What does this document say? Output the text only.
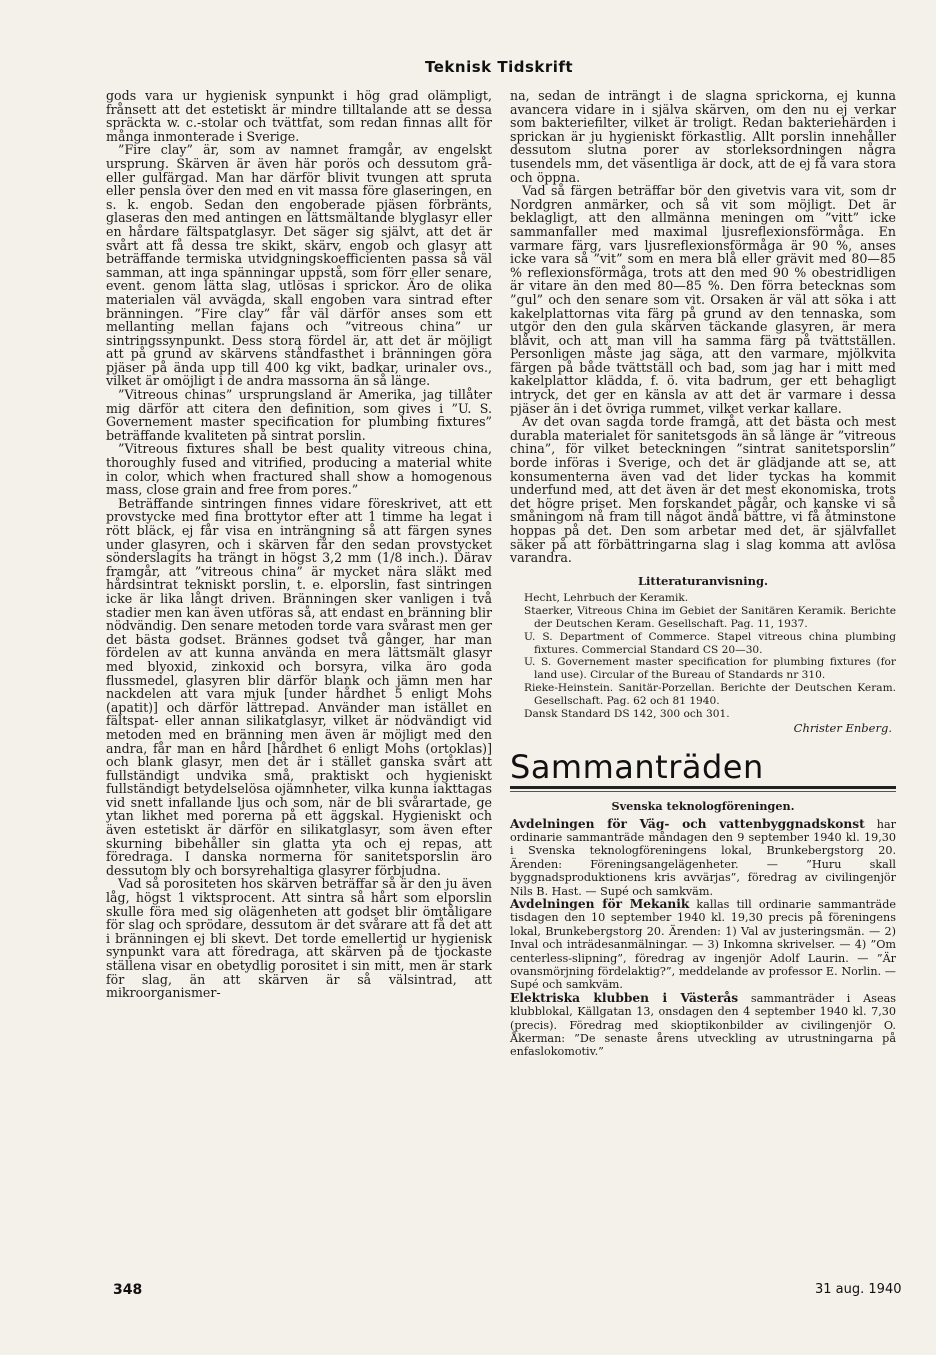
Teknisk Tidskrift

gods vara ur hygienisk synpunkt i hög grad olämpligt, frånsett att det estetiskt är mindre tilltalande att se dessa spräckta w. c.-stolar och tvättfat, som redan finnas allt för många inmonterade i Sverige.

”Fire clay” är, som av namnet framgår, av engelskt ursprung. Skärven är även här porös och dessutom grå- eller gulfärgad. Man har därför blivit tvungen att spruta eller pensla över den med en vit massa före glaseringen, en s. k. engob. Sedan den engoberade pjäsen förbränts, glaseras den med antingen en lättsmältande blyglasyr eller en hårdare fältspatglasyr. Det säger sig självt, att det är svårt att få dessa tre skikt, skärv, engob och glasyr att beträffande termiska utvidgningskoefficienten passa så väl samman, att inga spänningar uppstå, som förr eller senare, event. genom lätta slag, utlösas i sprickor. Äro de olika materialen väl avvägda, skall engoben vara sintrad efter bränningen. ”Fire clay” får väl därför anses som ett mellanting mellan fajans och ”vitreous china” ur sintringssynpunkt. Dess stora fördel är, att det är möjligt att på grund av skärvens ståndfasthet i bränningen göra pjäser på ända upp till 400 kg vikt, badkar, urinaler ovs., vilket är omöjligt i de andra massorna än så länge.

”Vitreous chinas” ursprungsland är Amerika, jag tillåter mig därför att citera den definition, som gives i ”U. S. Governement master specification for plumbing fixtures” beträffande kvaliteten på sintrat porslin.

”Vitreous fixtures shall be best quality vitreous china, thoroughly fused and vitrified, producing a material white in color, which when fractured shall show a homogenous mass, close grain and free from pores.”

Beträffande sintringen finnes vidare föreskrivet, att ett provstycke med fina brottytor efter att 1 timme ha legat i rött bläck, ej får visa en inträngning så att färgen synes under glasyren, och i skärven får den sedan provstycket sönderslagits ha trängt in högst 3,2 mm (1/8 inch.). Därav framgår, att ”vitreous china” är mycket nära släkt med hårdsintrat tekniskt porslin, t. e. elporslin, fast sintringen icke är lika långt driven. Bränningen sker vanligen i två stadier men kan även utföras så, att endast en bränning blir nödvändig. Den senare metoden torde vara svårast men ger det bästa godset. Brännes godset två gånger, har man fördelen av att kunna använda en mera lättsmält glasyr med blyoxid, zinkoxid och borsyra, vilka äro goda flussmedel, glasyren blir därför blank och jämn men har nackdelen att vara mjuk [under hårdhet 5 enligt Mohs (apatit)] och därför lättrepad. Använder man istället en fältspat- eller annan silikatglasyr, vilket är nödvändigt vid metoden med en bränning men även är möjligt med den andra, får man en hård [hårdhet 6 enligt Mohs (ortoklas)] och blank glasyr, men det är i stället ganska svårt att fullständigt undvika små, praktiskt och hygieniskt fullständigt betydelselösa ojämnheter, vilka kunna iakttagas vid snett infallande ljus och som, när de bli svårartade, ge ytan likhet med porerna på ett äggskal. Hygieniskt och även estetiskt är därför en silikatglasyr, som även efter skurning bibehåller sin glatta yta och ej repas, att föredraga. I danska normerna för sanitetsporslin äro dessutom bly och borsyrehaltiga glasyrer förbjudna.

Vad så porositeten hos skärven beträffar så är den ju även låg, högst 1 viktsprocent. Att sintra så hårt som elporslin skulle föra med sig olägenheten att godset blir ömtåligare för slag och sprödare, dessutom är det svårare att få det att i bränningen ej bli skevt. Det torde emellertid ur hygienisk synpunkt vara att föredraga, att skärven på de tjockaste ställena visar en obetydlig porositet i sin mitt, men är stark för slag, än att skärven är så välsintrad, att mikroorganismer-

na, sedan de inträngt i de slagna sprickorna, ej kunna avancera vidare in i själva skärven, om den nu ej verkar som bakteriefilter, vilket är troligt. Redan bakteriehärden i sprickan är ju hygieniskt förkastlig. Allt porslin innehåller dessutom slutna porer av storleksordningen några tusendels mm, det väsentliga är dock, att de ej få vara stora och öppna.

Vad så färgen beträffar bör den givetvis vara vit, som dr Nordgren anmärker, och så vit som möjligt. Det är beklagligt, att den allmänna meningen om ”vitt” icke sammanfaller med maximal ljusreflexionsförmåga. En varmare färg, vars ljusreflexionsförmåga är 90 %, anses icke vara så ”vit” som en mera blå eller grävit med 80—85 % reflexionsförmåga, trots att den med 90 % obestridligen är vitare än den med 80—85 %. Den förra betecknas som ”gul” och den senare som vit. Orsaken är väl att söka i att kakelplattornas vita färg på grund av den tennaska, som utgör den den gula skärven täckande glasyren, är mera blåvit, och att man vill ha samma färg på tvättställen. Personligen måste jag säga, att den varmare, mjölkvita färgen på både tvättställ och bad, som jag har i mitt med kakelplattor klädda, f. ö. vita badrum, ger ett behagligt intryck, det ger en känsla av att det är varmare i dessa pjäser än i det övriga rummet, vilket verkar kallare.

Av det ovan sagda torde framgå, att det bästa och mest durabla materialet för sanitetsgods än så länge är ”vitreous china”, för vilket beteckningen ”sintrat sanitetsporslin” borde införas i Sverige, och det är glädjande att se, att konsumenterna även vad det lider tyckas ha kommit underfund med, att det även är det mest ekonomiska, trots det högre priset. Men forskandet pågår, och kanske vi så småningom nå fram till något ändå bättre, vi få åtminstone hoppas på det. Den som arbetar med det, är självfallet säker på att förbättringarna slag i slag komma att avlösa varandra.

Litteraturanvisning.
Hecht, Lehrbuch der Keramik.
Staerker, Vitreous China im Gebiet der Sanitären Keramik. Berichte der Deutschen Keram. Gesellschaft. Pag. 11, 1937.
U. S. Department of Commerce. Stapel vitreous china plumbing fixtures. Commercial Standard CS 20—30.
U. S. Governement master specification for plumbing fixtures (for land use). Circular of the Bureau of Standards nr 310.
Rieke-Heinstein. Sanitär-Porzellan. Berichte der Deutschen Keram. Gesellschaft. Pag. 62 och 81 1940.
Dansk Standard DS 142, 300 och 301.
Christer Enberg.
Sammanträden
Svenska teknologföreningen.

Avdelningen för Väg- och vattenbyggnadskonst har ordinarie sammanträde måndagen den 9 september 1940 kl. 19,30 i Svenska teknologföreningens lokal, Brunkebergstorg 20. Ärenden: Föreningsangelägenheter. — ”Huru skall byggnadsproduktionens kris avvärjas”, föredrag av civilingenjör Nils B. Hast. — Supé och samkväm.

Avdelningen för Mekanik kallas till ordinarie sammanträde tisdagen den 10 september 1940 kl. 19,30 precis på föreningens lokal, Brunkebergstorg 20. Ärenden: 1) Val av justeringsmän. — 2) Inval och inträdesanmälningar. — 3) Inkomna skrivelser. — 4) ”Om centerless-slipning”, föredrag av ingenjör Adolf Laurin. — ”Är ovansmörjning fördelaktig?”, meddelande av professor E. Norlin. — Supé och samkväm.

Elektriska klubben i Västerås sammanträder i Aseas klubblokal, Källgatan 13, onsdagen den 4 september 1940 kl. 7,30 (precis). Föredrag med skioptikonbilder av civilingenjör O. Åkerman: ”De senaste årens utveckling av utrustningarna på enfaslokomotiv.”

348	31 aug. 1940
